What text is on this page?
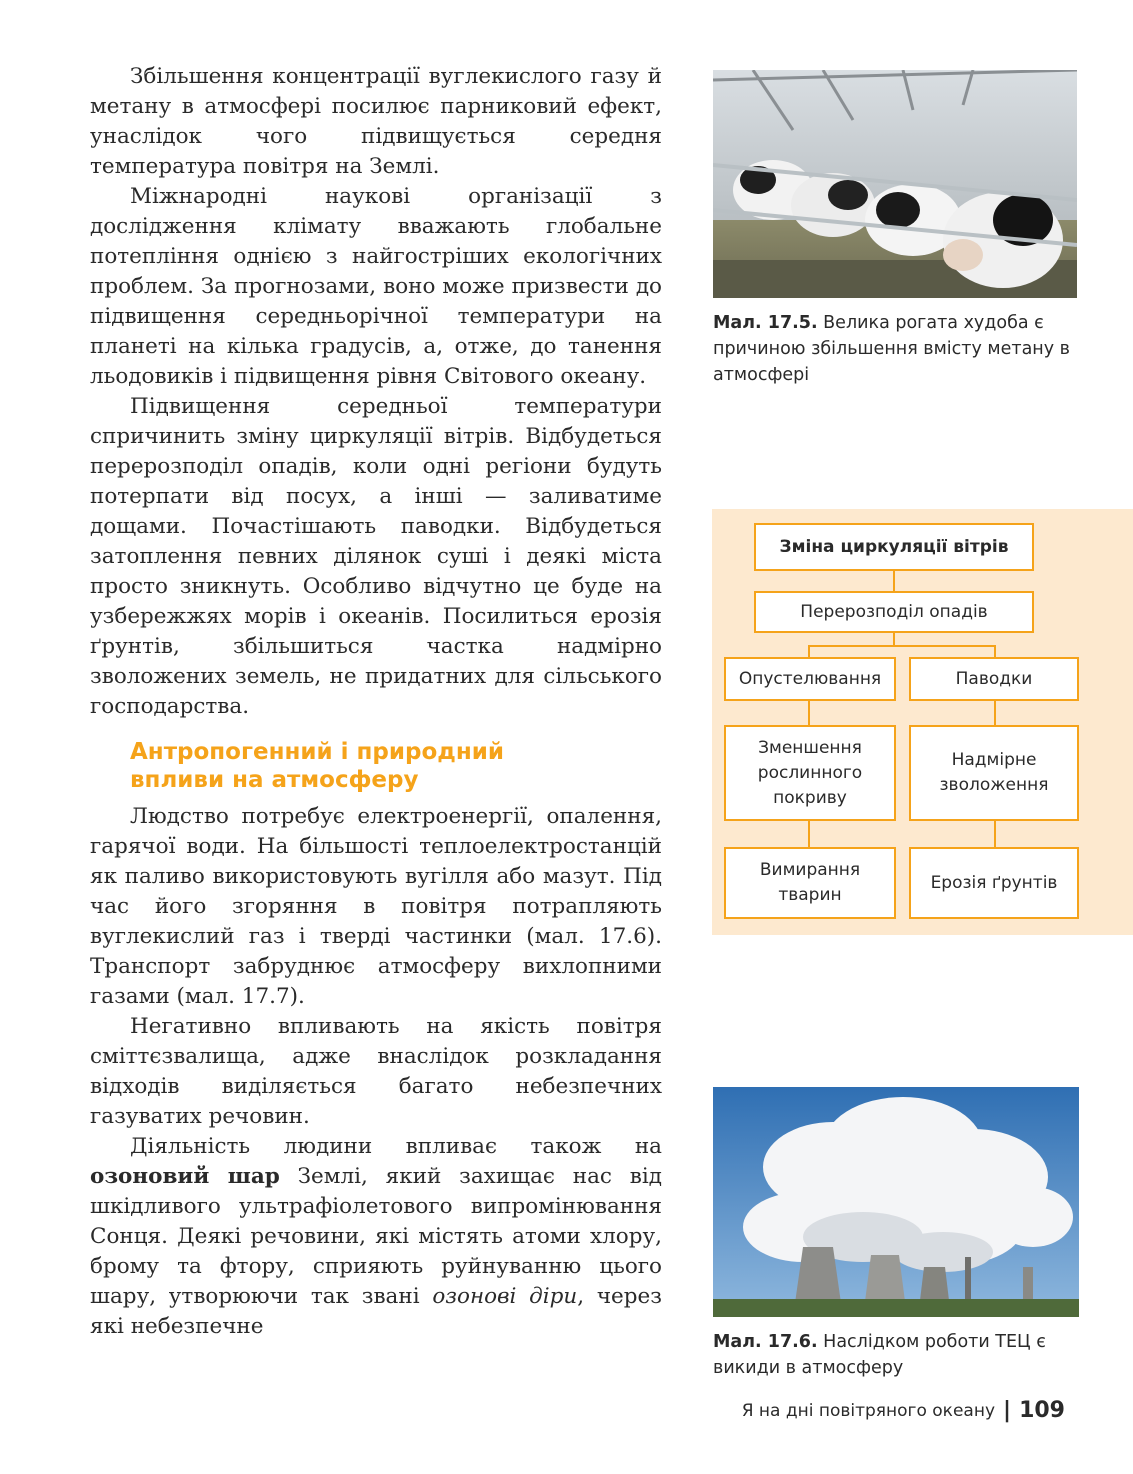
Збільшення концентрації вуглекислого газу й метану в атмосфері посилює парниковий ефект, унаслідок чого підвищується середня температура повітря на Землі.

Міжнародні наукові організації з дослідження клімату вважають глобальне потепління однією з найгостріших екологічних проблем. За прогнозами, воно може призвести до підвищення середньорічної температури на планеті на кілька градусів, а, отже, до танення льодовиків і підвищення рівня Світового океану.

Підвищення середньої температури спричинить зміну циркуляції вітрів. Відбудеться перерозподіл опадів, коли одні регіони будуть потерпати від посух, а інші — заливатиме дощами. Почастішають паводки. Відбудеться затоплення певних ділянок суші і деякі міста просто зникнуть. Особливо відчутно це буде на узбережжях морів і океанів. Посилиться ерозія ґрунтів, збільшиться частка надмірно зволожених земель, не придатних для сільського господарства.

Антропогенний і природний
впливи на атмосферу

Людство потребує електроенергії, опалення, гарячої води. На більшості теплоелектростанцій як паливо використовують вугілля або мазут. Під час його згоряння в повітря потрапляють вуглекислий газ і тверді частинки (мал. 17.6). Транспорт забруднює атмосферу вихлопними газами (мал. 17.7).

Негативно впливають на якість повітря сміттєзвалища, адже внаслідок розкладання відходів виділяється багато небезпечних газуватих речовин.

Діяльність людини впливає також на озоновий шар Землі, який захищає нас від шкідливого ультрафіолетового випромінювання Сонця. Деякі речовини, які містять атоми хлору, брому та фтору, сприяють руйнуванню цього шару, утворюючи так звані озонові діри, через які небезпечне

Мал. 17.5. Велика рогата худоба є причиною збільшення вмісту метану в атмосфері
Зміна циркуляції вітрів
Перерозподіл опадів
Опустелювання	Паводки
Зменшення рослинного покриву
Надмірне зволоження
Вимирання тварин
Ерозія ґрунтів
Мал. 17.6. Наслідком роботи ТЕЦ є викиди в атмосферу
Я на дні повітряного океану | 109
